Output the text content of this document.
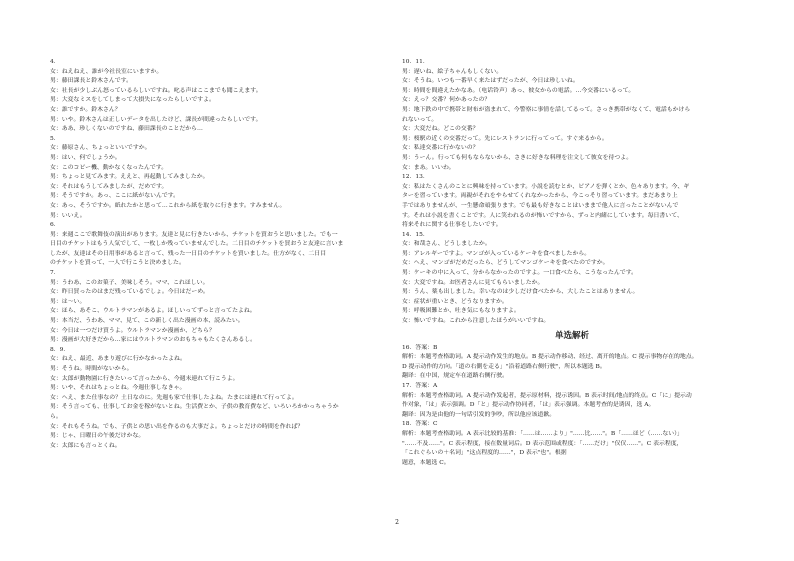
4．
女：ねえねえ、誰が今社長室にいますか。
男：藤田課長と鈴木さんです。
女：社長が少しぶん怒っているらしいですね。叱る声はここまでも聞こえます。
男：大変なミスをしてしまって大損失になったらしいですよ。
女：誰ですか。鈴木さん？
男：いや。鈴木さんは正しいデータを出したけど、課長が間違ったらしいです。
女：ああ、珍しくないのですね、藤田課長のことだから…
5．
女：藤原さん、ちょっといいですか。
男：はい、何でしょうか。
女：このコピー機、動かなくなったんです。
男：ちょっと見てみます。ええと、再起動してみましたか。
女：それはもうしてみましたが、だめです。
男：そうですか。あっ、ここに紙がないんです。
女：あっ、そうですか。紙れたかと思って…これから紙を取りに行きます。すみません。
男：いいえ。
6．
男：来週ここで歌舞伎の演出があります。友達と見に行きたいから、チケットを買おうと思いました。でも一
日目のチケットはもう人気でして、一枚しか残っていませんでした。二日目のチケットを買おうと友達に言いま
したが、友達はその日用事があると言って、残った一日目のチケットを買いました。仕方がなく、二日目
のチケットを買って、一人で行こうと決めました。
7．
男：うわあ、このお菓子、美味しそう。ママ、これほしい。
女：昨日買ったのはまだ残っているでしょ。今日はだーめ。
男：は～い。
女：ほら、あそこ、ウルトラマンがあるよ。ほしいってずっと言ってたよね。
男：本当だ、うわあ、ママ、見て、この新しく出た漫画の本、読みたい。
女：今日は一つだけ買うよ。ウルトラマンか漫画か、どちら？
男：漫画が大好きだから…家にはウルトラマンのおもちゃもたくさんあるし。
8．9．
女：ねえ、最近、あまり遊びに行かなかったよね。
男：そうね。時間がないから。
女：太郎が動物園に行きたいって言ったから、今週末連れて行こうよ。
男：いや、それはちょっとね。今週仕事しなきゃ。
女：へえ、また仕事なの？土日なのに。先週も家で仕事したよね。たまには連れて行ってよ。
男：そう言っても、仕事してお金を稼がないとね。生活費とか、子供の教育費など、いろいろかかっちゃうか
ら。
女：それもそうね。でも、子供との思い出を作るのも大事だよ。ちょっとだけの時間を作れば？
男：じゃ、日曜日の午後だけかな。
女：太郎にも言っとくね。
10．11．
男：遅いね、絵子ちゃんもしくない。
女：そうね。いつも一番早く来たはずだったが、今日は珍しいね。
男：時間を間違えたかなあ。（电话铃声）あっ、彼女からの電話。…今交番にいるって。
女：えっ？交番？何かあったの？
男：地下鉄の中で携帯と財布が盗まれて、今警察に事情を話してるって。さっき携帯がなくて、電話もかけら
れないって。
女：大変だね。どこの交番？
男：桜駅の近くの交番だって。先にレストランに行ってって。すぐ来るから。
女：私達交番に行かないの？
男：うーん。行っても何もならないから、さきに好きな料理を注文して彼女を待つよ。
女：まあ。いいわ。
12．13．
女：私はたくさんのことに興味を持っています。小説を読むとか、ピアノを弾くとか、色々あります。今、ギ
ターを習っています。両親がそれをやらせてくれなかったから、今こっそり習っています。まだあまり上
手ではありませんが、一生懸命頑張ります。でも最も好きなことはいままで他人に言ったことがないんで
す。それは小説を書くことです。人に笑われるのが怖いですから、ずっと内緒にしています。毎日書いて、
将来それに関する仕事をしたいです。
14．15．
女：和哉さん、どうしましたか。
男：アレルギーですよ。マンゴが入っているケーキを食べましたから。
女：へえ、マンゴがだめだったら、どうしてマンゴケーキを食べたのですか。
男：ケーキの中に入って、分からなかったのですよ。一口食べたら、こうなったんです。
女：大変ですね。お医者さんに見てもらいましたか。
男：うん、薬も出しました。幸いなのは少しだけ食べたから、大したことはありません。
女：症状が重いとき、どうなりますか。
男：呼吸困難とか、吐き気にもなりますよ。
女：怖いですね。これから注意したほうがいいですね。
单选解析
16．答案：B
解析：本题考查格助词。A 提示动作发生的地点。B 提示动作移动、经过、离开的地点。C 提示事物存在的地点。
D 提示动作的方向。「道の右側を走る」"沿着道路右侧行驶"，所以本题选 B。
翻译：在中国，规定车在道路右侧行驶。
17．答案：A
解析：本题考查格助词。A 提示动作发起者，提示原材料，提示诱因。B 表示时间/地点的终点。C「に」提示动
作对象，「は」表示强调。D「と」提示动作协同者，「は」表示强调。本题考查的是诱因，选 A。
翻译：因为是由他的一句话引发的争吵，所以他应该道歉。
18．答案：C
解析：本题考查格助词。A 表示比较的基准：「……は……より」"……比……"。B「……ほど（……ない）」
"……不及……"。C 表示程度，接在数量词后。D 表示范围或程度：「……だけ」"仅仅……"。C 表示程度，
「これぐらいの＋名词」"这点程度的……"，D 表示"也"。根据
题意，本题选 C。
2
